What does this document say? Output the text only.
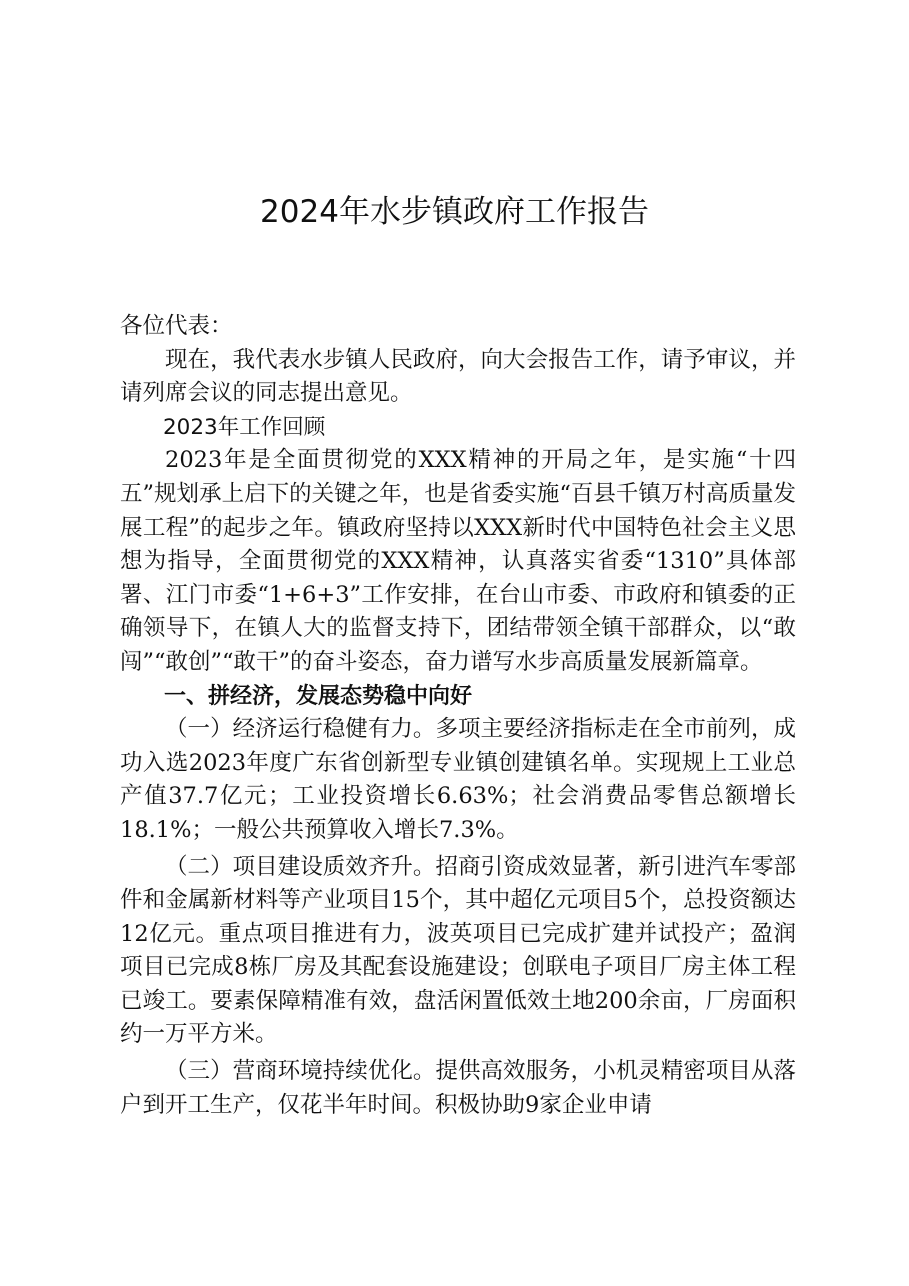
2024年水步镇政府工作报告

各位代表：

现在，我代表水步镇人民政府，向大会报告工作，请予审议，并请列席会议的同志提出意见。

2023年工作回顾

2023年是全面贯彻党的XXX精神的开局之年，是实施“十四五”规划承上启下的关键之年，也是省委实施“百县千镇万村高质量发展工程”的起步之年。镇政府坚持以XXX新时代中国特色社会主义思想为指导，全面贯彻党的XXX精神，认真落实省委“1310”具体部署、江门市委“1+6+3”工作安排，在台山市委、市政府和镇委的正确领导下，在镇人大的监督支持下，团结带领全镇干部群众，以“敢闯”“敢创”“敢干”的奋斗姿态，奋力谱写水步高质量发展新篇章。

一、拼经济，发展态势稳中向好

（一）经济运行稳健有力。多项主要经济指标走在全市前列，成功入选2023年度广东省创新型专业镇创建镇名单。实现规上工业总产值37.7亿元；工业投资增长6.63%；社会消费品零售总额增长18.1%；一般公共预算收入增长7.3%。

（二）项目建设质效齐升。招商引资成效显著，新引进汽车零部件和金属新材料等产业项目15个，其中超亿元项目5个，总投资额达12亿元。重点项目推进有力，波英项目已完成扩建并试投产；盈润项目已完成8栋厂房及其配套设施建设；创联电子项目厂房主体工程已竣工。要素保障精准有效，盘活闲置低效土地200余亩，厂房面积约一万平方米。

（三）营商环境持续优化。提供高效服务，小机灵精密项目从落户到开工生产，仅花半年时间。积极协助9家企业申请
